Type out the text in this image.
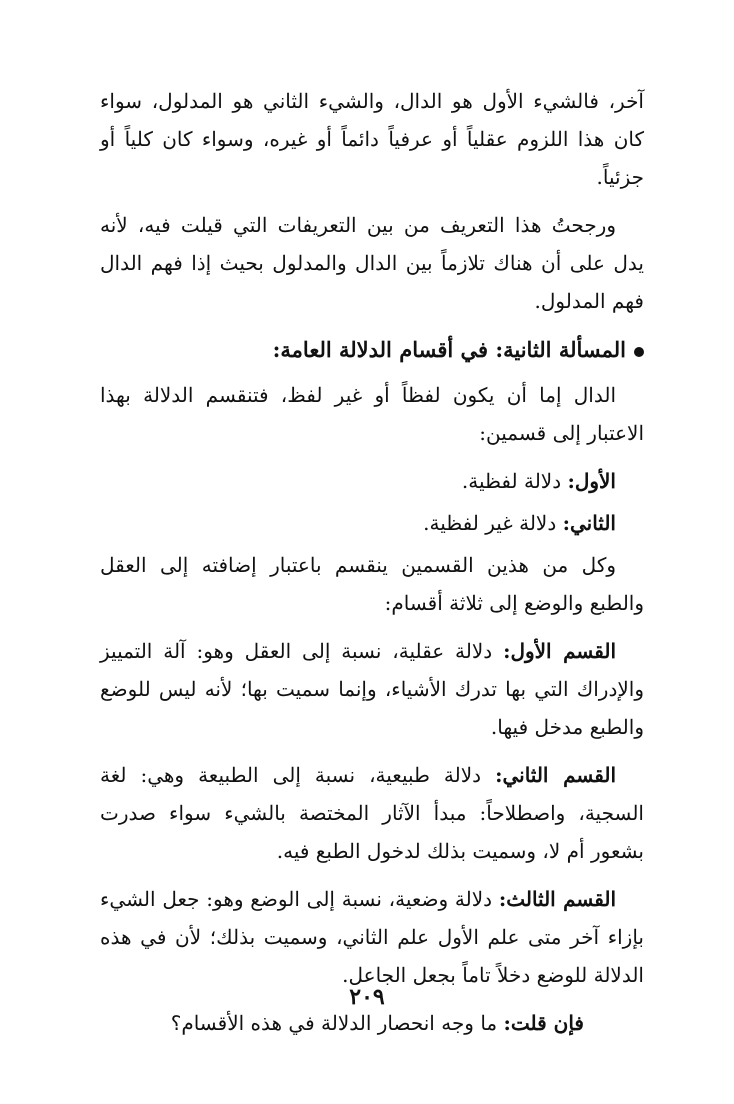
آخر، فالشيء الأول هو الدال، والشيء الثاني هو المدلول، سواء كان هذا اللزوم عقلياً أو عرفياً دائماً أو غيره، وسواء كان كلياً أو جزئياً.

ورجحتُ هذا التعريف من بين التعريفات التي قيلت فيه، لأنه يدل على أن هناك تلازماً بين الدال والمدلول بحيث إذا فهم الدال فهم المدلول.

المسألة الثانية: في أقسام الدلالة العامة:

الدال إما أن يكون لفظاً أو غير لفظ، فتنقسم الدلالة بهذا الاعتبار إلى قسمين:

الأول: دلالة لفظية.
الثاني: دلالة غير لفظية.

وكل من هذين القسمين ينقسم باعتبار إضافته إلى العقل والطبع والوضع إلى ثلاثة أقسام:

القسم الأول: دلالة عقلية، نسبة إلى العقل وهو: آلة التمييز والإدراك التي بها تدرك الأشياء، وإنما سميت بها؛ لأنه ليس للوضع والطبع مدخل فيها.

القسم الثاني: دلالة طبيعية، نسبة إلى الطبيعة وهي: لغة السجية، واصطلاحاً: مبدأ الآثار المختصة بالشيء سواء صدرت بشعور أم لا، وسميت بذلك لدخول الطبع فيه.

القسم الثالث: دلالة وضعية، نسبة إلى الوضع وهو: جعل الشيء بإزاء آخر متى علم الأول علم الثاني، وسميت بذلك؛ لأن في هذه الدلالة للوضع دخلاً تاماً بجعل الجاعل.

فإن قلت: ما وجه انحصار الدلالة في هذه الأقسام؟

٢٠٩
